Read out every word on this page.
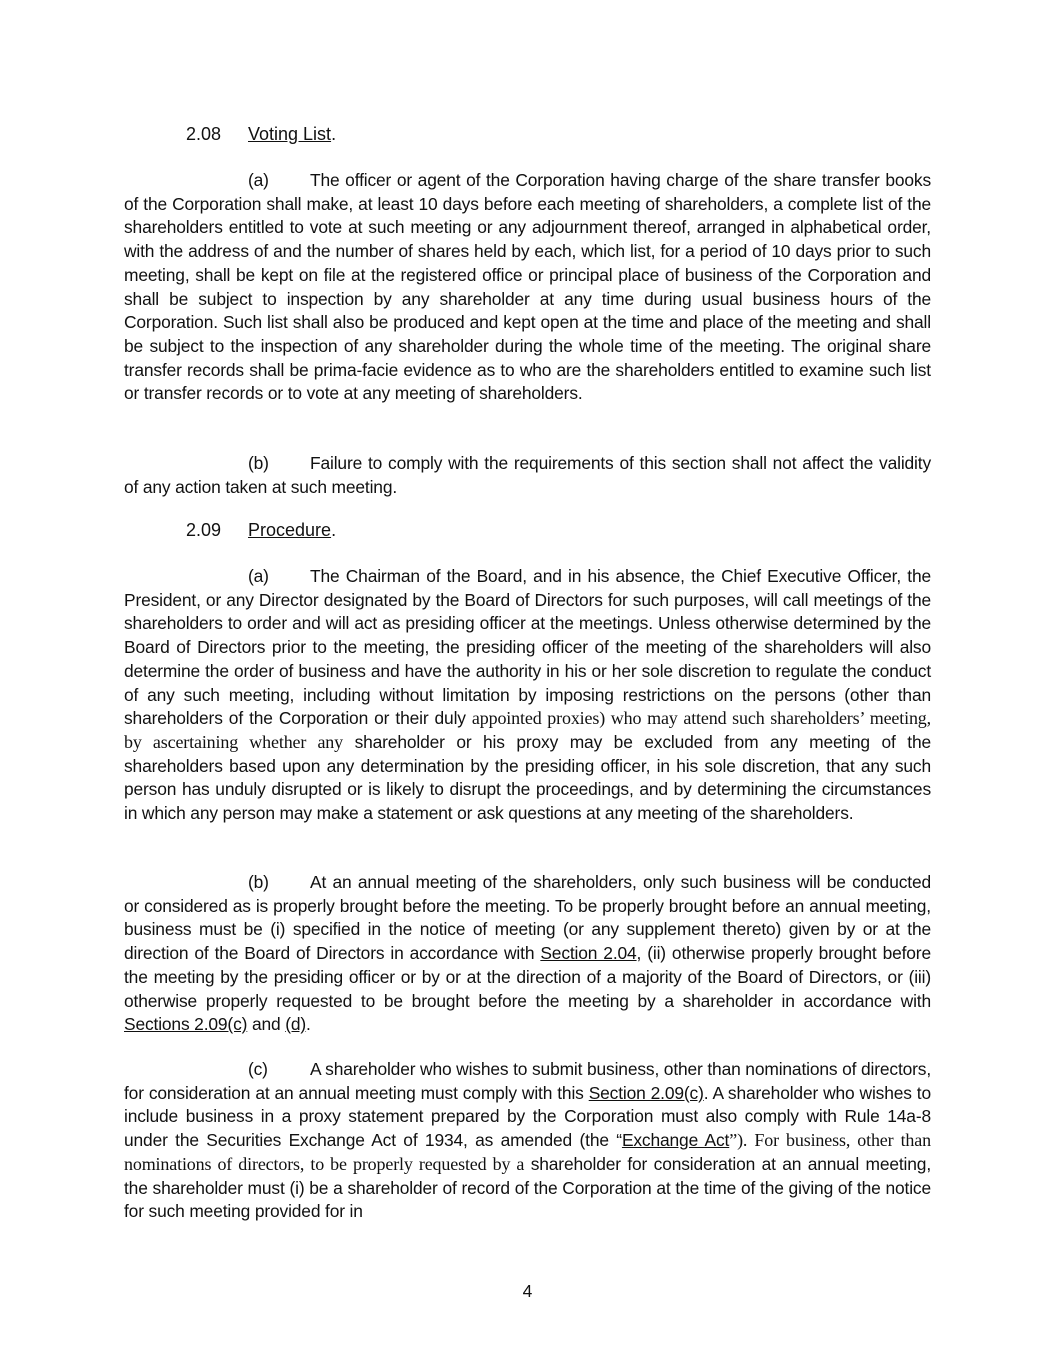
2.08 Voting List.
(a) The officer or agent of the Corporation having charge of the share transfer books of the Corporation shall make, at least 10 days before each meeting of shareholders, a complete list of the shareholders entitled to vote at such meeting or any adjournment thereof, arranged in alphabetical order, with the address of and the number of shares held by each, which list, for a period of 10 days prior to such meeting, shall be kept on file at the registered office or principal place of business of the Corporation and shall be subject to inspection by any shareholder at any time during usual business hours of the Corporation. Such list shall also be produced and kept open at the time and place of the meeting and shall be subject to the inspection of any shareholder during the whole time of the meeting. The original share transfer records shall be prima-facie evidence as to who are the shareholders entitled to examine such list or transfer records or to vote at any meeting of shareholders.
(b) Failure to comply with the requirements of this section shall not affect the validity of any action taken at such meeting.
2.09 Procedure.
(a) The Chairman of the Board, and in his absence, the Chief Executive Officer, the President, or any Director designated by the Board of Directors for such purposes, will call meetings of the shareholders to order and will act as presiding officer at the meetings. Unless otherwise determined by the Board of Directors prior to the meeting, the presiding officer of the meeting of the shareholders will also determine the order of business and have the authority in his or her sole discretion to regulate the conduct of any such meeting, including without limitation by imposing restrictions on the persons (other than shareholders of the Corporation or their duly appointed proxies) who may attend such shareholders’ meeting, by ascertaining whether any shareholder or his proxy may be excluded from any meeting of the shareholders based upon any determination by the presiding officer, in his sole discretion, that any such person has unduly disrupted or is likely to disrupt the proceedings, and by determining the circumstances in which any person may make a statement or ask questions at any meeting of the shareholders.
(b) At an annual meeting of the shareholders, only such business will be conducted or considered as is properly brought before the meeting. To be properly brought before an annual meeting, business must be (i) specified in the notice of meeting (or any supplement thereto) given by or at the direction of the Board of Directors in accordance with Section 2.04, (ii) otherwise properly brought before the meeting by the presiding officer or by or at the direction of a majority of the Board of Directors, or (iii) otherwise properly requested to be brought before the meeting by a shareholder in accordance with Sections 2.09(c) and (d).
(c) A shareholder who wishes to submit business, other than nominations of directors, for consideration at an annual meeting must comply with this Section 2.09(c). A shareholder who wishes to include business in a proxy statement prepared by the Corporation must also comply with Rule 14a-8 under the Securities Exchange Act of 1934, as amended (the “Exchange Act”). For business, other than nominations of directors, to be properly requested by a shareholder for consideration at an annual meeting, the shareholder must (i) be a shareholder of record of the Corporation at the time of the giving of the notice for such meeting provided for in
4
